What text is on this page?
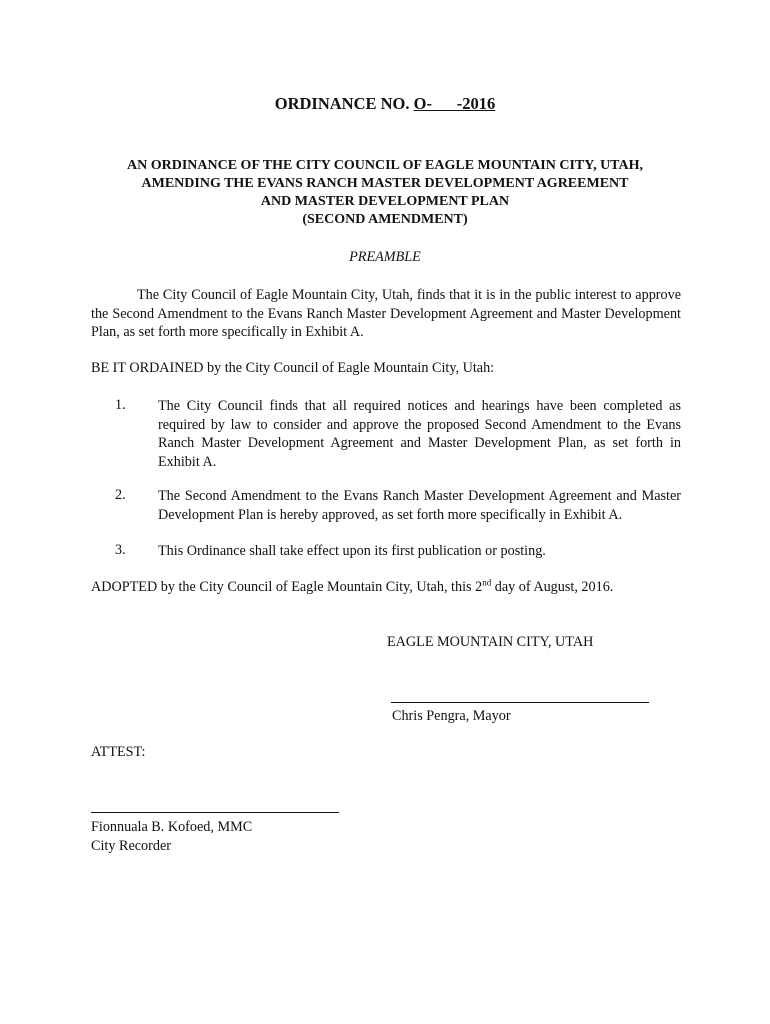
ORDINANCE NO. O-      -2016
AN ORDINANCE OF THE CITY COUNCIL OF EAGLE MOUNTAIN CITY, UTAH,
AMENDING THE EVANS RANCH MASTER DEVELOPMENT AGREEMENT
AND MASTER DEVELOPMENT PLAN
(SECOND AMENDMENT)
PREAMBLE
The City Council of Eagle Mountain City, Utah, finds that it is in the public interest to approve the Second Amendment to the Evans Ranch Master Development Agreement and Master Development Plan, as set forth more specifically in Exhibit A.
BE IT ORDAINED by the City Council of Eagle Mountain City, Utah:
1. The City Council finds that all required notices and hearings have been completed as required by law to consider and approve the proposed Second Amendment to the Evans Ranch Master Development Agreement and Master Development Plan, as set forth in Exhibit A.
2. The Second Amendment to the Evans Ranch Master Development Agreement and Master Development Plan is hereby approved, as set forth more specifically in Exhibit A.
3. This Ordinance shall take effect upon its first publication or posting.
ADOPTED by the City Council of Eagle Mountain City, Utah, this 2nd day of August, 2016.
EAGLE MOUNTAIN CITY, UTAH
Chris Pengra, Mayor
ATTEST:
Fionnuala B. Kofoed, MMC
City Recorder
